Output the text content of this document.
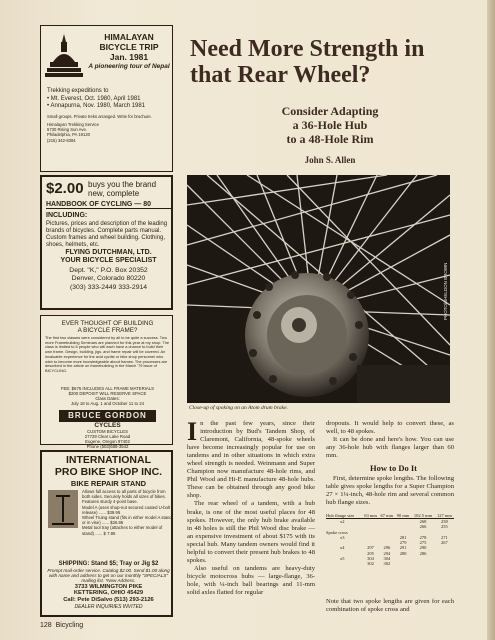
HIMALAYAN
BICYCLE TRIP
Jan. 1981
A pioneering tour of Nepal
Trekking expeditions to
• Mt. Everest, Oct. 1980, April 1981
• Annapurna, Nov. 1980, March 1981
Small groups. Private treks arranged. Write for brochure.
Himalayan Trekking Service
5730 Rising Sun Ave.
Philadelphia, PA 19120
(215) 342-8384
$2.00 buys you the brand new, complete
HANDBOOK OF CYCLING — 80
INCLUDING:
Pictures, prices and description of the leading brands of bicycles. Complete parts manual. Custom frames and wheel building. Clothing, shoes, helmets, etc.
FLYING DUTCHMAN, LTD.
YOUR BICYCLE SPECIALIST
Dept. "K," P.O. Box 20352
Denver, Colorado 80220
(303) 333-2449 333-2914
EVER THOUGHT OF BUILDING
A BICYCLE FRAME?
The first two classes were considered by all to be quite a success. Two more Framebuilding Seminars are planned for this year at my shop. The class is limited to 6 people who will each have a chance to build their own frame. Design, building, jigs, and frame repair will be covered. An invaluable experience for the avid cyclist or bike shop personnel who wish to become more knowledgeable about frames. The processes are described in the article on framebuilding in the March '79 issue of BICYCLING.
FEE: $675 INCLUDES ALL FRAME MATERIALS
$200 DEPOSIT WILL RESERVE SPACE
Class Dates:
July 18 to Aug. 1 and October 11 to 24
BRUCE GORDON
CYCLES
CUSTOM BICYCLES
27729 Clear Lake Road
Eugene, Oregon 97402
Phone (503)688-3542
INTERNATIONAL
PRO BIKE SHOP INC.
BIKE REPAIR STAND
Allows full access to all parts of bicycle from both sides. Securely holds all sizes of bikes. Features sturdy 4-point base.
Model A (uses shop-nut secured coated U-bolt release) ...... $39.95
Wheel Truing stand (fits in either model A stand or in vise) ...... $26.95
Metal tool tray (attaches to either model of stand) ...... $ 7.95
SHIPPING: Stand $5; Tray or Jig $2
Prompt mail-order service. Catalog $2.00. Send $1.00 along with name and address to get on our monthly "SPECIALS" mailing list. *New Address.
3733 WILMINGTON PIKE
KETTERING, OHIO 45429
Call: Pete DiSalvo (513) 293-2126
DEALER INQUIRIES INVITED
128 Bicycling
Need More Strength in that Rear Wheel?
Consider Adapting
a 36-Hole Hub
to a 48-Hole Rim
John S. Allen
PHOTO/SHELDON BROWN
Close-up of spoking on an Atom drum brake.

In the past few years, since their introduction by Bud's Tandem Shop, of Claremont, California, 48-spoke wheels have become increasingly popular for use on tandems and in other situations in which extra wheel strength is needed. Weinmann and Super Champion now manufacture 48-hole rims, and Phil Wood and Hi-E manufacture 48-hole hubs. These can be obtained through any good bike shop.

The rear wheel of a tandem, with a hub brake, is one of the most useful places for 48 spokes. However, the only hub brake available in 48 holes is still the Phil Wood disc brake — an expensive investment of about $175 with its special hub. Many tandem owners would find it helpful to convert their present hub brakes to 48 spokes.

Also useful on tandems are heavy-duty bicycle motocross hubs — large-flange, 36-hole, with ¼-inch ball bearings and 11-mm solid axles flatted for regular

dropouts. It would help to convert these, as well, to 48 spokes.

It can be done and here's how. You can use any 36-hole hub with flanges larger than 60 mm.

How to Do It

First, determine spoke lengths. The following table gives spoke lengths for a Super Champion 27 × 1¼-inch, 48-hole rim and several common hub flange sizes.

Hub flange size	63 mm	67 mm	90 mm	102.5 mm	127 mm
x2				268	258
				266	255
Spoke cross					
x3			281	278	271
			279	275	267
x4	297	296	291	290	
	295	294	288	286	
x5	304	304			
	302	302			
Note that two spoke lengths are given for each combination of spoke cross and
